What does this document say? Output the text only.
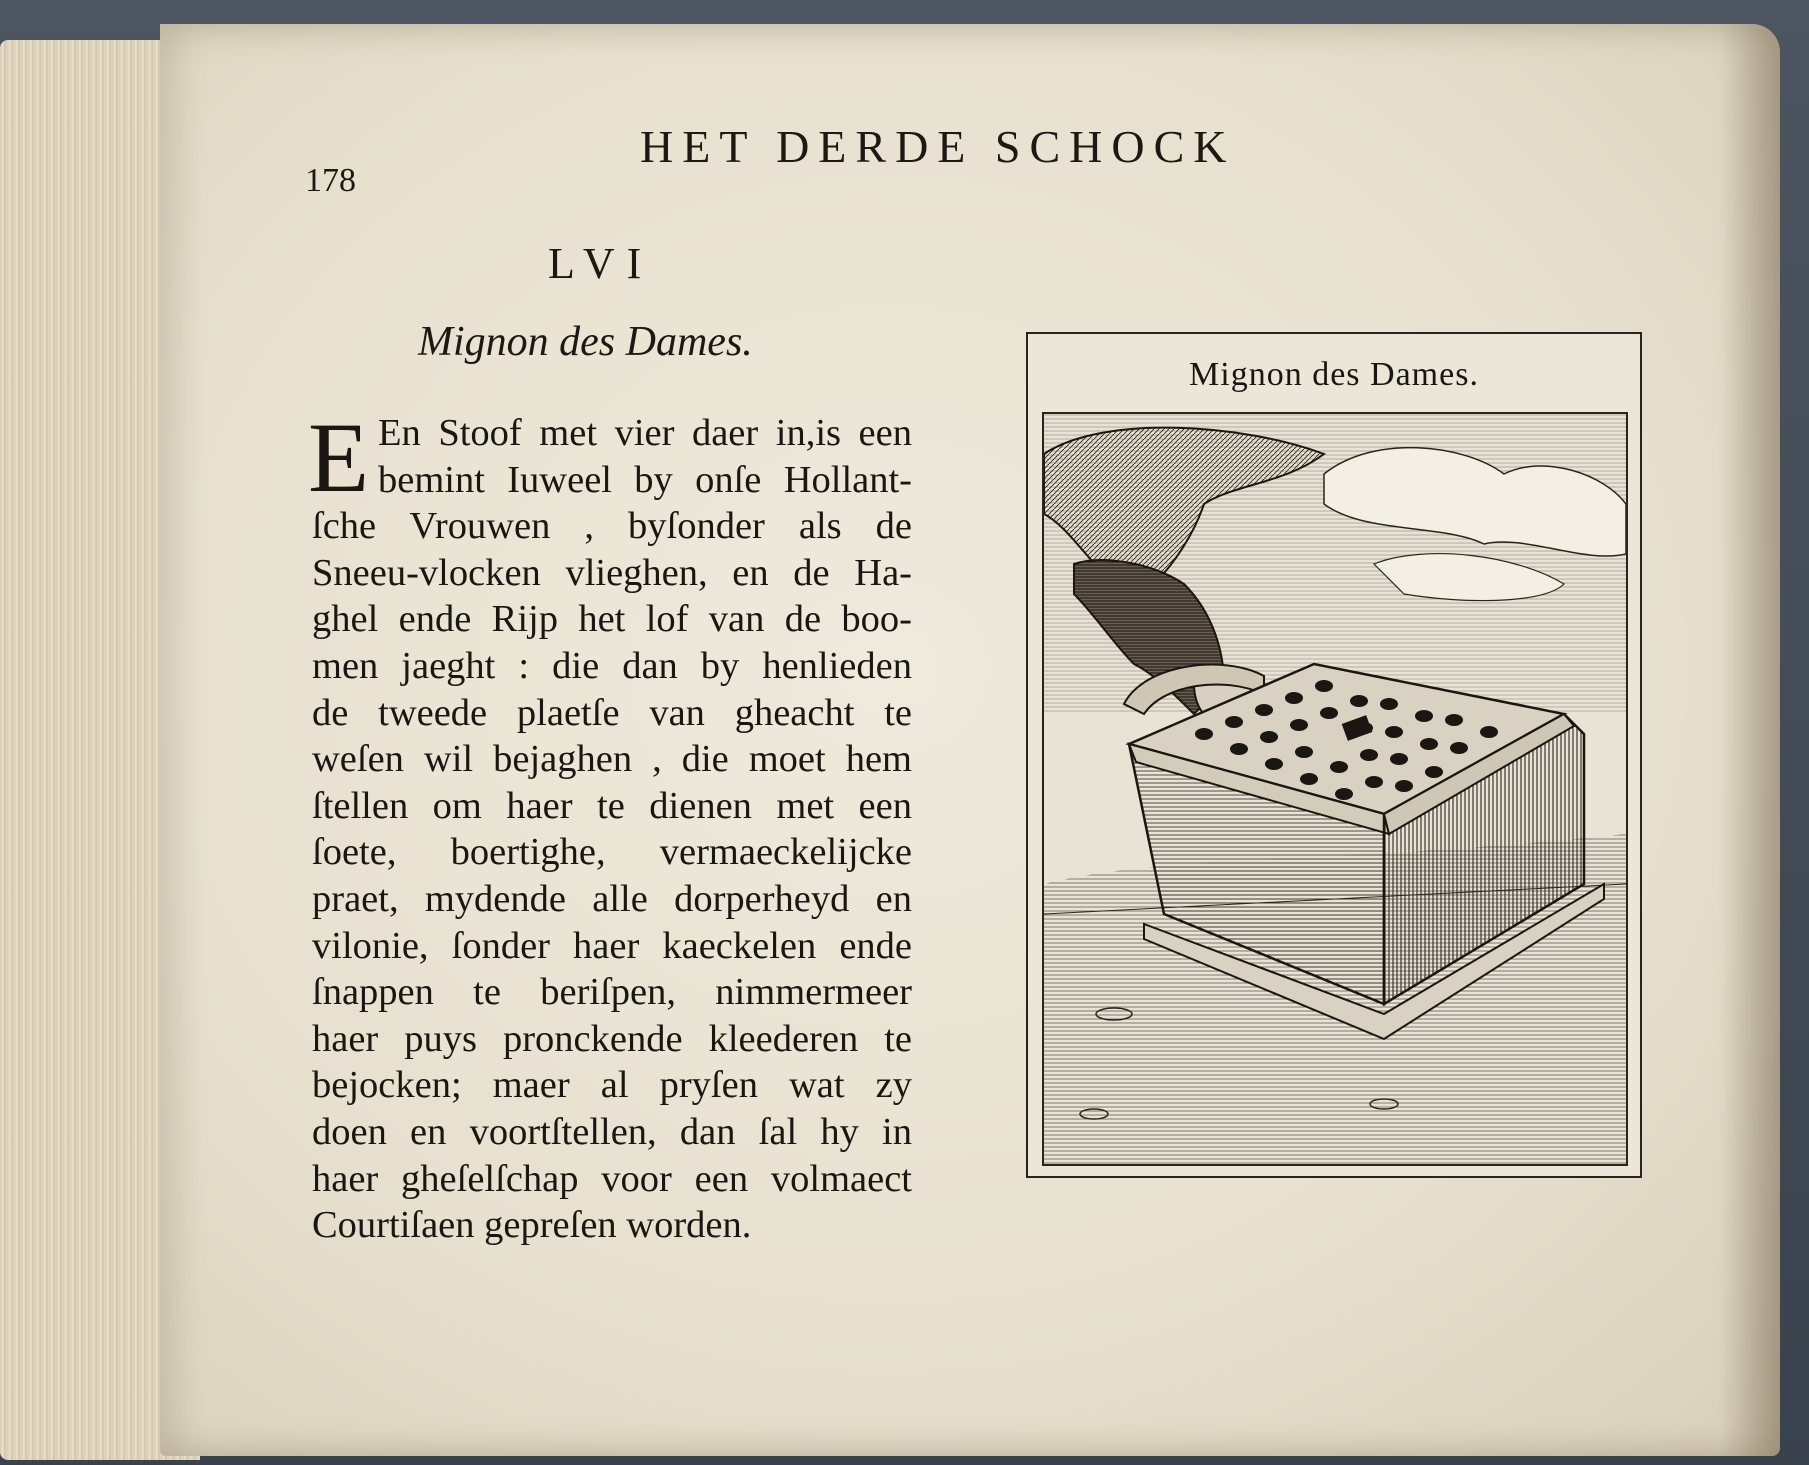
178
HET DERDE SCHOCK
LVI
Mignon des Dames.
E En Stoof met vier daer in,is een
bemint Iuweel by onſe Hollant-
ſche Vrouwen , byſonder als de
Sneeu-vlocken vlieghen, en de Ha-
ghel ende Rijp het lof van de boo-
men jaeght : die dan by henlieden
de tweede plaetſe van gheacht te
weſen wil bejaghen , die moet hem
ſtellen om haer te dienen met een
ſoete, boertighe, vermaeckelijcke
praet, mydende alle dorperheyd en
vilonie, ſonder haer kaeckelen ende
ſnappen te beriſpen, nimmermeer
haer puys pronckende kleederen te
bejocken; maer al pryſen wat zy
doen en voortſtellen, dan ſal hy in
haer gheſelſchap voor een volmaect
Courtiſaen gepreſen worden.
Mignon des Dames.
